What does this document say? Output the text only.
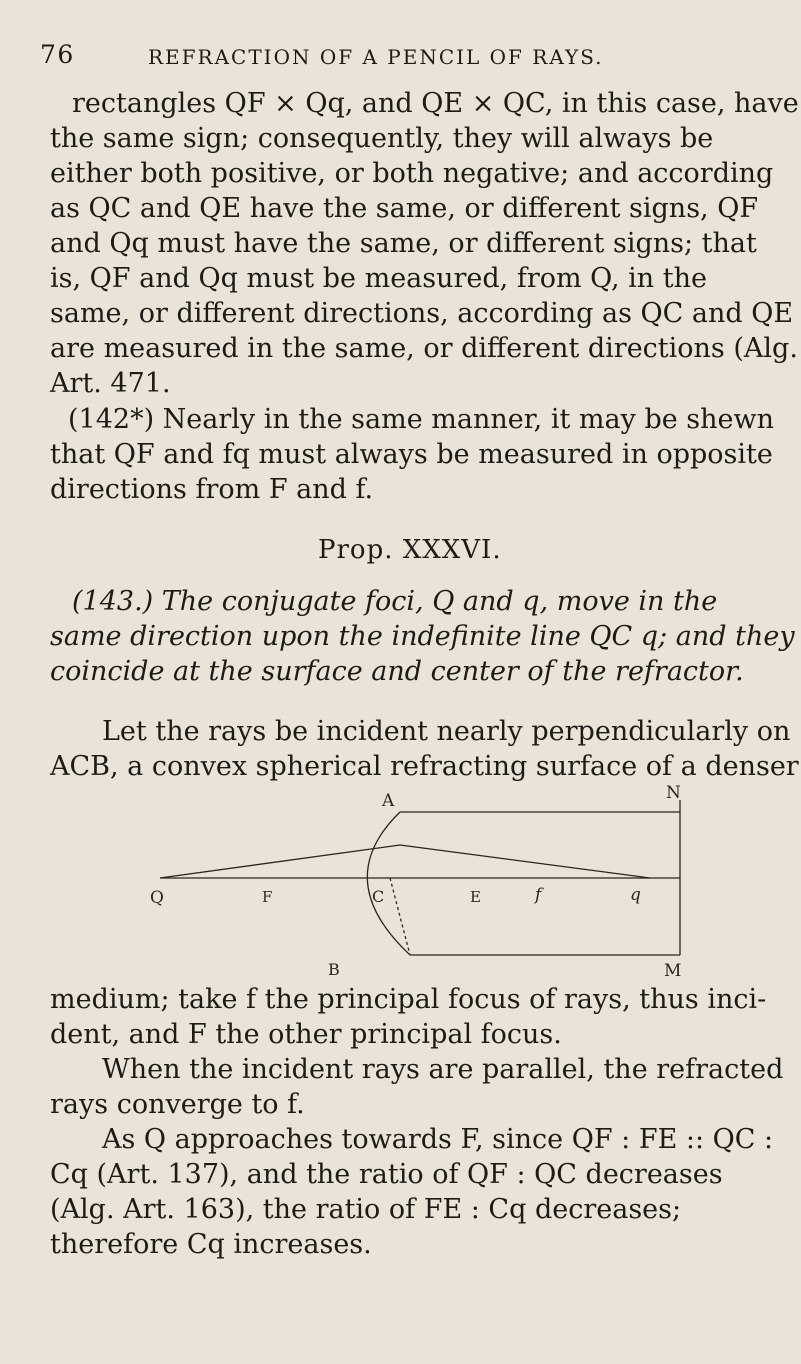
76	REFRACTION OF A PENCIL OF RAYS.
rectangles QF × Qq, and QE × QC, in this case, have
the same sign; consequently, they will always be
either both positive, or both negative; and according
as QC and QE have the same, or different signs, QF
and Qq must have the same, or different signs; that
is, QF and Qq must be measured, from Q, in the
same, or different directions, according as QC and QE
are measured in the same, or different directions (Alg.
Art. 471.
(142*) Nearly in the same manner, it may be shewn
that QF and fq must always be measured in opposite
directions from F and f.
Prop. XXXVI.
(143.) The conjugate foci, Q and q, move in the
same direction upon the indefinite line QC q; and they
coincide at the surface and center of the refractor.
Let the rays be incident nearly perpendicularly on
ACB, a convex spherical refracting surface of a denser
N
A
Q	F	C	E	f	q
B	M
medium; take f the principal focus of rays, thus inci-
dent, and F the other principal focus.
When the incident rays are parallel, the refracted
rays converge to f.
As Q approaches towards F, since QF : FE :: QC :
Cq (Art. 137), and the ratio of QF : QC decreases
(Alg. Art. 163), the ratio of FE : Cq decreases;
therefore Cq increases.
